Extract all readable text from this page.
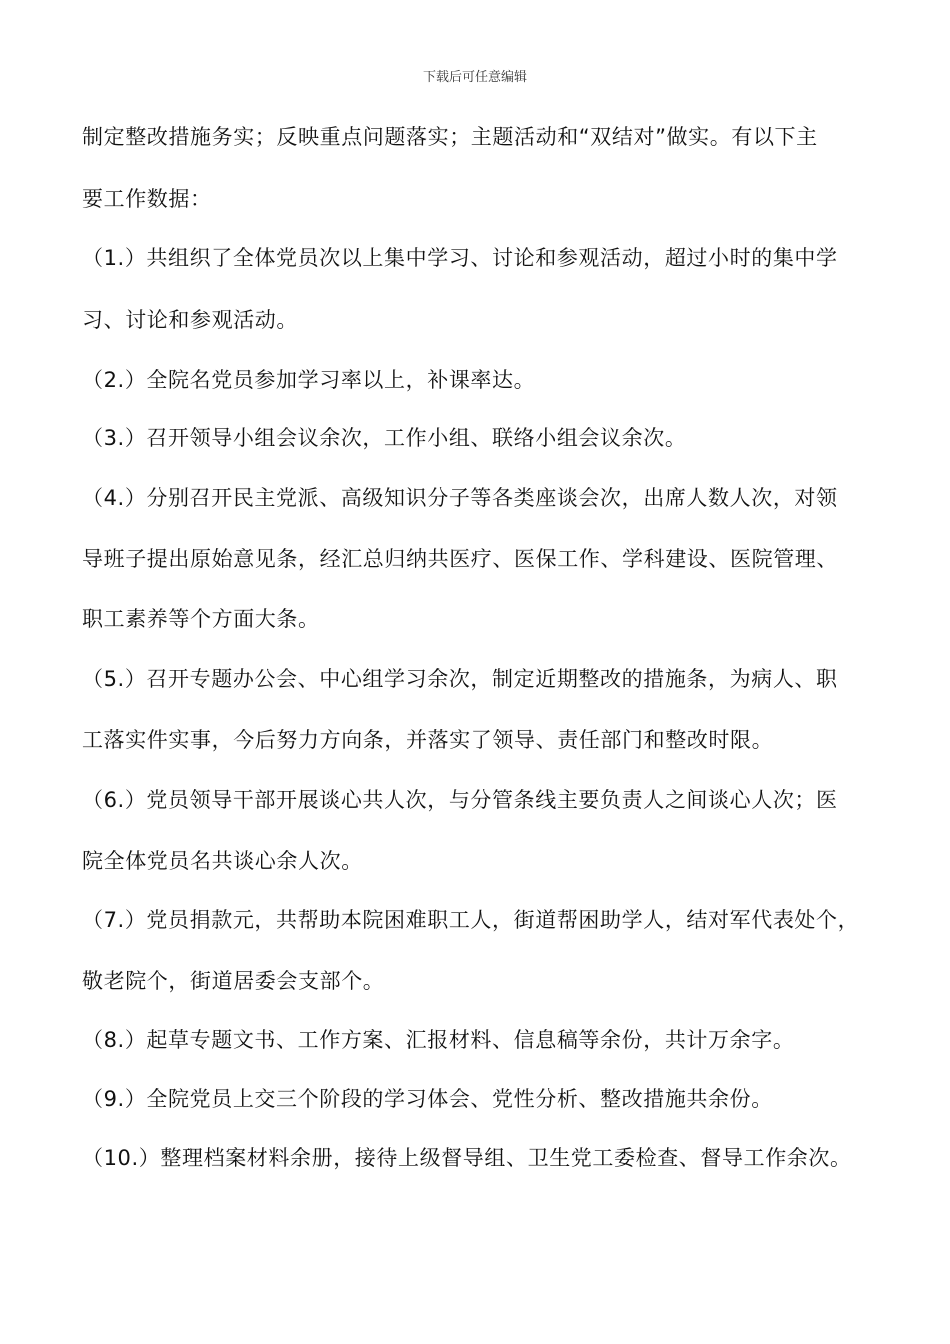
下载后可任意编辑
制定整改措施务实；反映重点问题落实；主题活动和“双结对”做实。有以下主
要工作数据：
（1.）共组织了全体党员次以上集中学习、讨论和参观活动，超过小时的集中学
习、讨论和参观活动。
（2.）全院名党员参加学习率以上，补课率达。
（3.）召开领导小组会议余次，工作小组、联络小组会议余次。
（4.）分别召开民主党派、高级知识分子等各类座谈会次，出席人数人次，对领
导班子提出原始意见条，经汇总归纳共医疗、医保工作、学科建设、医院管理、
职工素养等个方面大条。
（5.）召开专题办公会、中心组学习余次，制定近期整改的措施条，为病人、职
工落实件实事，今后努力方向条，并落实了领导、责任部门和整改时限。
（6.）党员领导干部开展谈心共人次，与分管条线主要负责人之间谈心人次；医
院全体党员名共谈心余人次。
（7.）党员捐款元，共帮助本院困难职工人，街道帮困助学人，结对军代表处个，
敬老院个，街道居委会支部个。
（8.）起草专题文书、工作方案、汇报材料、信息稿等余份，共计万余字。
（9.）全院党员上交三个阶段的学习体会、党性分析、整改措施共余份。
（10.）整理档案材料余册，接待上级督导组、卫生党工委检查、督导工作余次。
